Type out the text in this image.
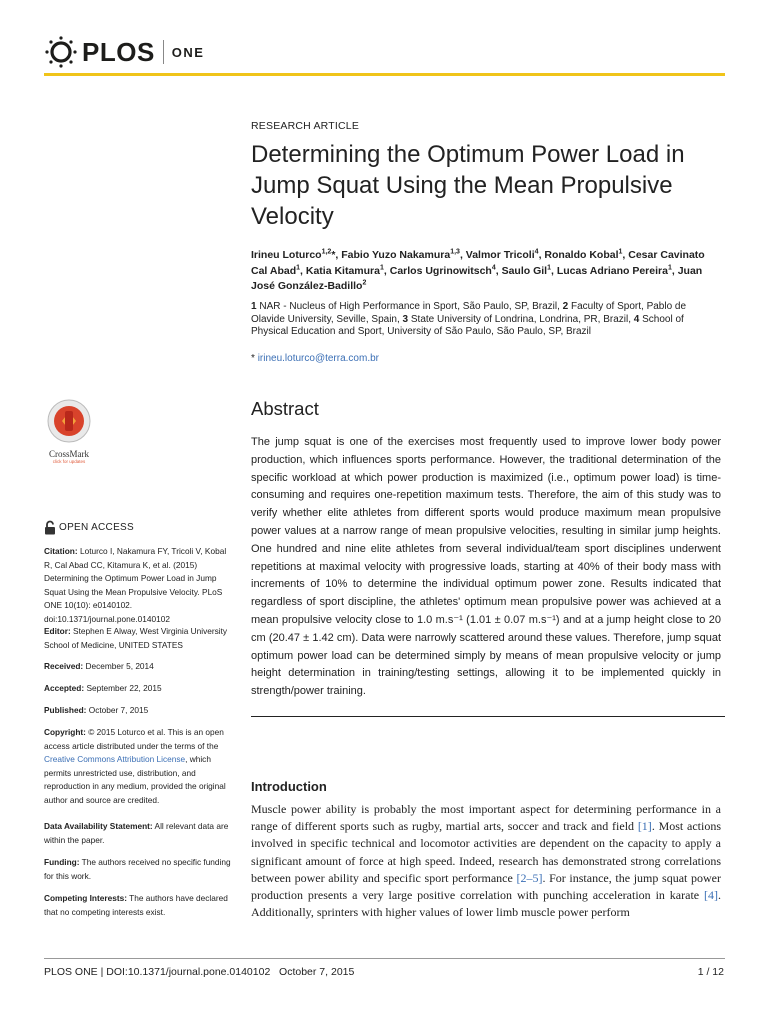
PLOS ONE
RESEARCH ARTICLE
Determining the Optimum Power Load in Jump Squat Using the Mean Propulsive Velocity
Irineu Loturco$^{1,2}$*, Fabio Yuzo Nakamura$^{1,3}$, Valmor Tricoli$^4$, Ronaldo Kobal$^1$, Cesar Cavinato Cal Abad$^1$, Katia Kitamura$^1$, Carlos Ugrinowitsch$^4$, Saulo Gil$^1$, Lucas Adriano Pereira$^1$, Juan José González-Badillo$^2$
1 NAR - Nucleus of High Performance in Sport, São Paulo, SP, Brazil, 2 Faculty of Sport, Pablo de Olavide University, Seville, Spain, 3 State University of Londrina, Londrina, PR, Brazil, 4 School of Physical Education and Sport, University of São Paulo, São Paulo, SP, Brazil
* irineu.loturco@terra.com.br
Abstract
The jump squat is one of the exercises most frequently used to improve lower body power production, which influences sports performance. However, the traditional determination of the specific workload at which power production is maximized (i.e., optimum power load) is time-consuming and requires one-repetition maximum tests. Therefore, the aim of this study was to verify whether elite athletes from different sports would produce maximum mean propulsive power values at a narrow range of mean propulsive velocities, resulting in similar jump heights. One hundred and nine elite athletes from several individual/team sport disciplines underwent repetitions at maximal velocity with progressive loads, starting at 40% of their body mass with increments of 10% to determine the individual optimum power zone. Results indicated that regardless of sport discipline, the athletes' optimum mean propulsive power was achieved at a mean propulsive velocity close to 1.0 m.s⁻¹ (1.01 ± 0.07 m.s⁻¹) and at a jump height close to 20 cm (20.47 ± 1.42 cm). Data were narrowly scattered around these values. Therefore, jump squat optimum power load can be determined simply by means of mean propulsive velocity or jump height determination in training/testing settings, allowing it to be implemented quickly in strength/power training.
Introduction
Muscle power ability is probably the most important aspect for determining performance in a range of different sports such as rugby, martial arts, soccer and track and field [1]. Most actions involved in specific technical and locomotor activities are dependent on the capacity to apply a significant amount of force at high speed. Indeed, research has demonstrated strong correlations between power ability and specific sport performance [2–5]. For instance, the jump squat power production presents a very large positive correlation with punching acceleration in karate [4]. Additionally, sprinters with higher values of lower limb muscle power perform
CrossMark
click for updates
OPEN ACCESS
Citation: Loturco I, Nakamura FY, Tricoli V, Kobal R, Cal Abad CC, Kitamura K, et al. (2015) Determining the Optimum Power Load in Jump Squat Using the Mean Propulsive Velocity. PLoS ONE 10(10): e0140102. doi:10.1371/journal.pone.0140102
Editor: Stephen E Alway, West Virginia University School of Medicine, UNITED STATES
Received: December 5, 2014
Accepted: September 22, 2015
Published: October 7, 2015
Copyright: © 2015 Loturco et al. This is an open access article distributed under the terms of the Creative Commons Attribution License, which permits unrestricted use, distribution, and reproduction in any medium, provided the original author and source are credited.
Data Availability Statement: All relevant data are within the paper.
Funding: The authors received no specific funding for this work.
Competing Interests: The authors have declared that no competing interests exist.
PLOS ONE | DOI:10.1371/journal.pone.0140102   October 7, 2015	1 / 12
